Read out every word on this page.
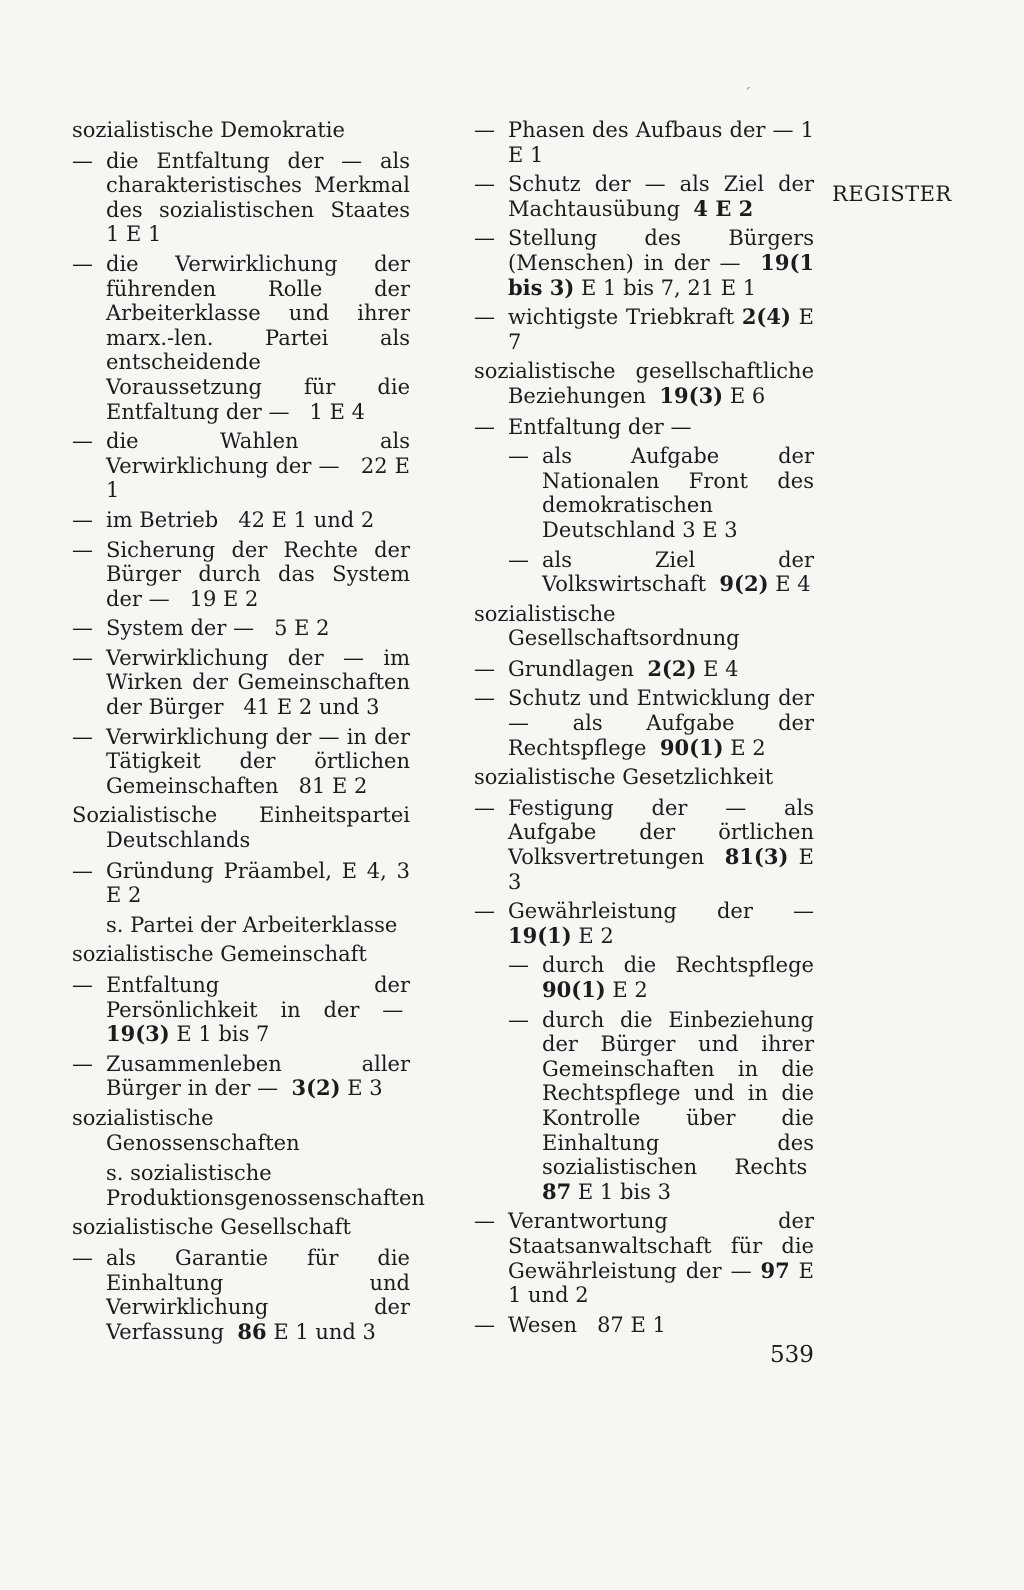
´
sozialistische Demokratie
— die Entfaltung der — als charakteristisches Merkmal des sozialistischen Staates 1 E 1
— die Verwirklichung der führenden Rolle der Arbeiterklasse und ihrer marx.-len. Partei als entscheidende Voraussetzung für die Entfaltung der — 1 E 4
— die Wahlen als Verwirklichung der — 22 E 1
— im Betrieb 42 E 1 und 2
— Sicherung der Rechte der Bürger durch das System der — 19 E 2
— System der — 5 E 2
— Verwirklichung der — im Wirken der Gemeinschaften der Bürger 41 E 2 und 3
— Verwirklichung der — in der Tätigkeit der örtlichen Gemeinschaften 81 E 2
Sozialistische Einheitspartei Deutschlands
— Gründung Präambel, E 4, 3 E 2
s. Partei der Arbeiterklasse
sozialistische Gemeinschaft
— Entfaltung der Persönlichkeit in der —  19(3) E 1 bis 7
— Zusammenleben aller Bürger in der — 3(2) E 3
sozialistische Genossenschaften
s. sozialistische Produktionsgenossenschaften
sozialistische Gesellschaft
— als Garantie für die Einhaltung und Verwirklichung der Verfassung 86 E 1 und 3
— Phasen des Aufbaus der — 1 E 1
— Schutz der — als Ziel der Machtausübung 4 E 2
— Stellung des Bürgers (Menschen) in der — 19(1 bis 3) E 1 bis 7, 21 E 1
— wichtigste Triebkraft 2(4) E 7
sozialistische gesellschaftliche Beziehungen 19(3) E 6
— Entfaltung der —
— als Aufgabe der Nationalen Front des demokratischen Deutschland 3 E 3
— als Ziel der Volkswirtschaft 9(2) E 4
sozialistische Gesellschaftsordnung
— Grundlagen 2(2) E 4
— Schutz und Entwicklung der — als Aufgabe der Rechtspflege 90(1) E 2
sozialistische Gesetzlichkeit
— Festigung der — als Aufgabe der örtlichen Volksvertretungen 81(3) E 3
— Gewährleistung der — 19(1) E 2
— durch die Rechtspflege 90(1) E 2
— durch die Einbeziehung der Bürger und ihrer Gemeinschaften in die Rechtspflege und in die Kontrolle über die Einhaltung des sozialistischen Rechts  87 E 1 bis 3
— Verantwortung der Staatsanwaltschaft für die Gewährleistung der — 97 E 1 und 2
— Wesen 87 E 1
REGISTER
539
